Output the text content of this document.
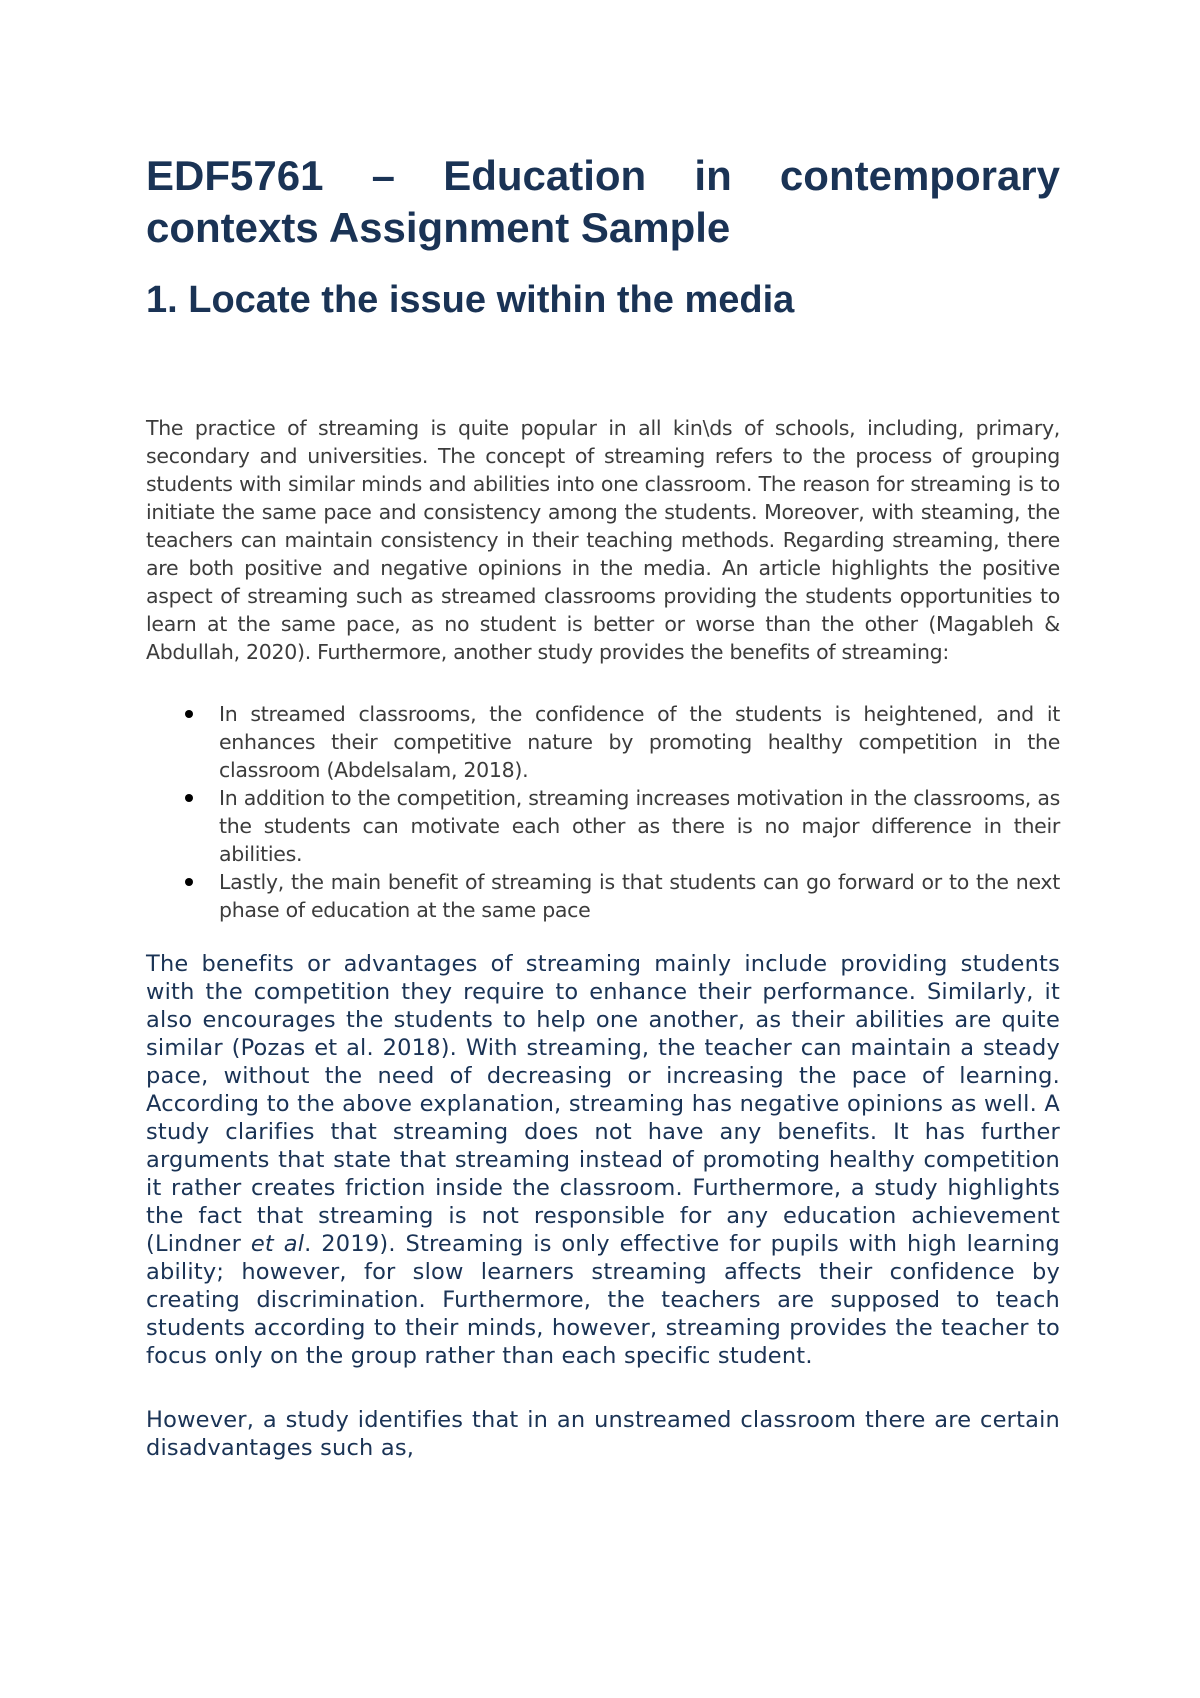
EDF5761 – Education in contemporary contexts Assignment Sample
1. Locate the issue within the media

The practice of streaming is quite popular in all kin\ds of schools, including, primary, secondary and universities. The concept of streaming refers to the process of grouping students with similar minds and abilities into one classroom. The reason for streaming is to initiate the same pace and consistency among the students. Moreover, with steaming, the teachers can maintain consistency in their teaching methods. Regarding streaming, there are both positive and negative opinions in the media. An article highlights the positive aspect of streaming such as streamed classrooms providing the students opportunities to learn at the same pace, as no student is better or worse than the other (Magableh & Abdullah, 2020). Furthermore, another study provides the benefits of streaming:

In streamed classrooms, the confidence of the students is heightened, and it enhances their competitive nature by promoting healthy competition in the classroom (Abdelsalam, 2018).
In addition to the competition, streaming increases motivation in the classrooms, as the students can motivate each other as there is no major difference in their abilities.
Lastly, the main benefit of streaming is that students can go forward or to the next phase of education at the same pace

The benefits or advantages of streaming mainly include providing students with the competition they require to enhance their performance. Similarly, it also encourages the students to help one another, as their abilities are quite similar (Pozas et al. 2018). With streaming, the teacher can maintain a steady pace, without the need of decreasing or increasing the pace of learning. According to the above explanation, streaming has negative opinions as well. A study clarifies that streaming does not have any benefits. It has further arguments that state that streaming instead of promoting healthy competition it rather creates friction inside the classroom. Furthermore, a study highlights the fact that streaming is not responsible for any education achievement (Lindner et al. 2019). Streaming is only effective for pupils with high learning ability; however, for slow learners streaming affects their confidence by creating discrimination. Furthermore, the teachers are supposed to teach students according to their minds, however, streaming provides the teacher to focus only on the group rather than each specific student.

However, a study identifies that in an unstreamed classroom there are certain disadvantages such as,
